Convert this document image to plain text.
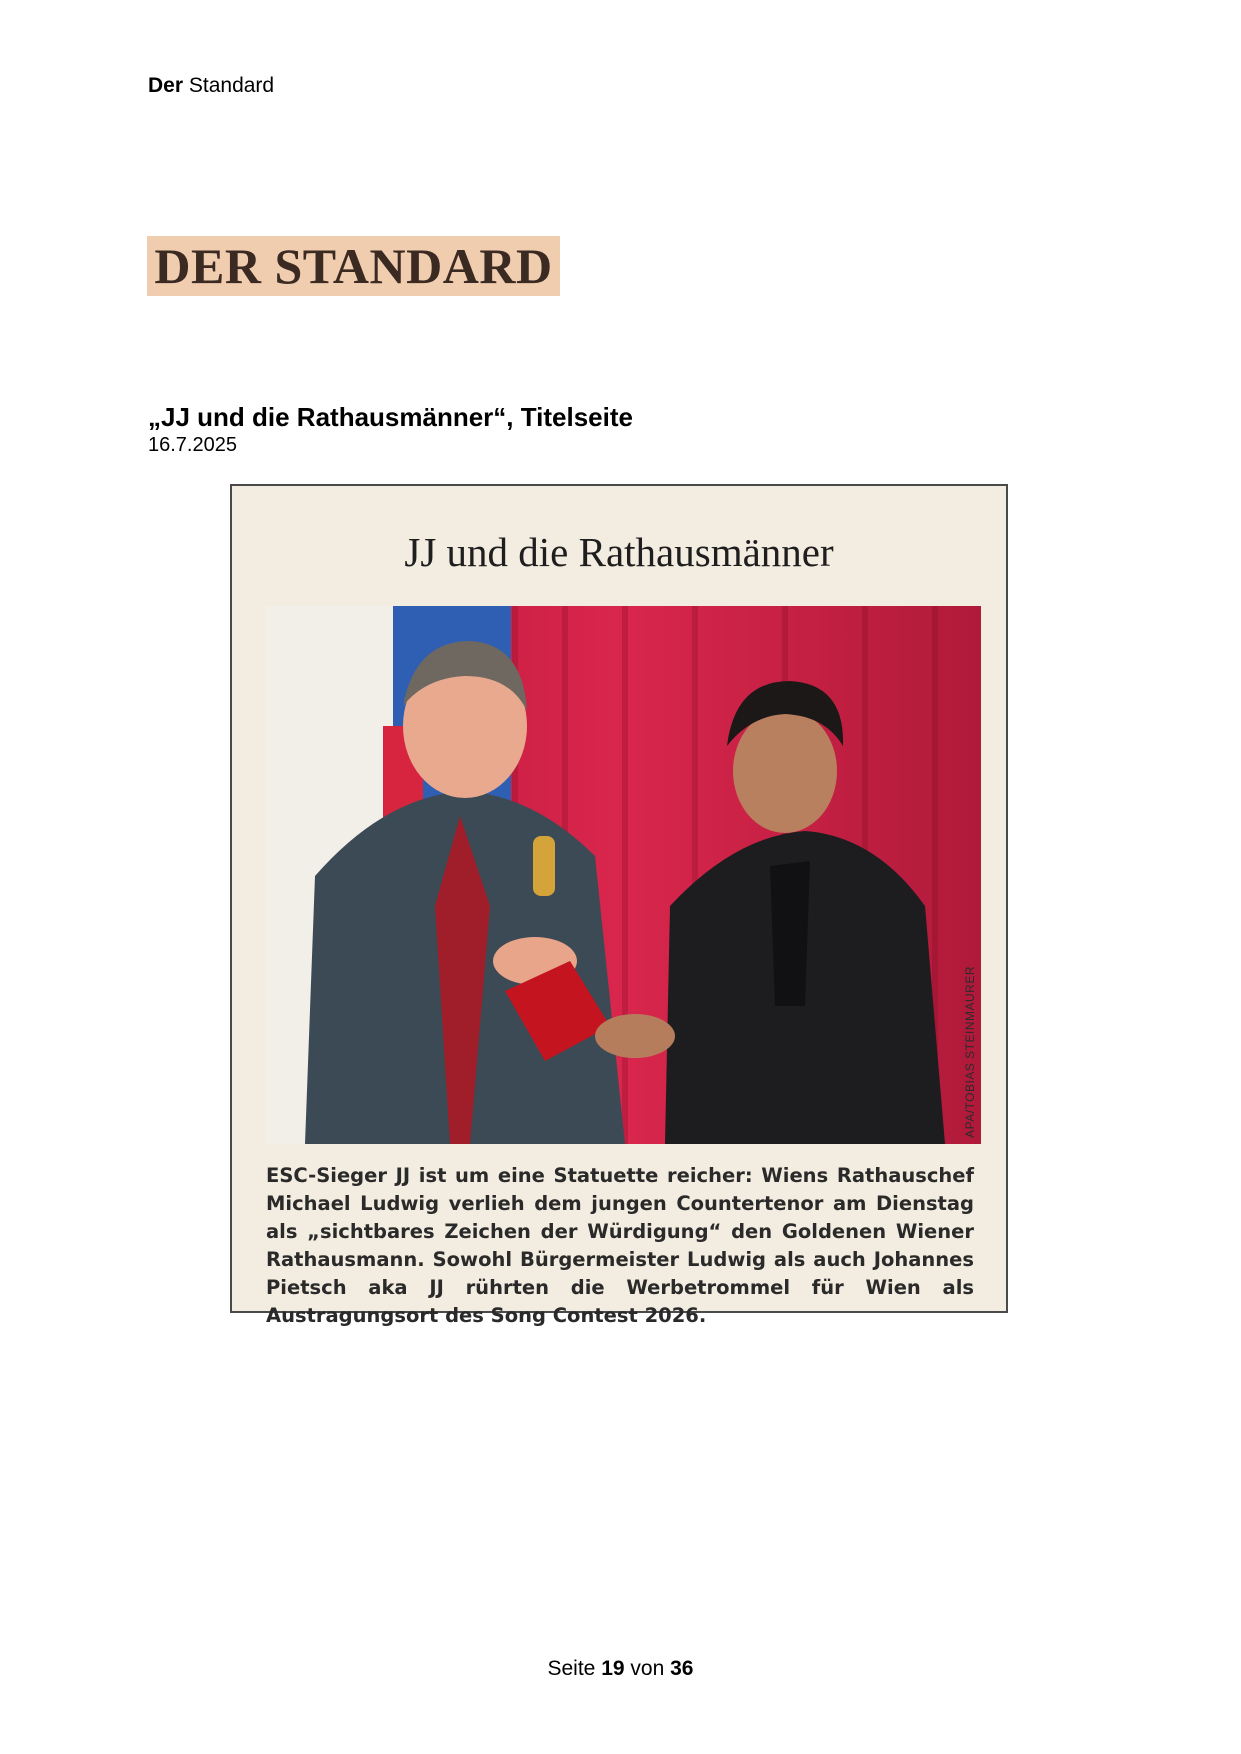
Der Standard
DER STANDARD
„JJ und die Rathausmänner“, Titelseite
16.7.2025
JJ und die Rathausmänner
APA/TOBIAS STEINMAURER
ESC-Sieger JJ ist um eine Statuette reicher: Wiens Rathauschef Michael Ludwig verlieh dem jungen Countertenor am Dienstag als „sichtbares Zeichen der Würdigung“ den Goldenen Wiener Rathausmann. Sowohl Bürgermeister Ludwig als auch Johannes Pietsch aka JJ rührten die Werbetrommel für Wien als Austragungsort des Song Contest 2026.
Seite 19 von 36
